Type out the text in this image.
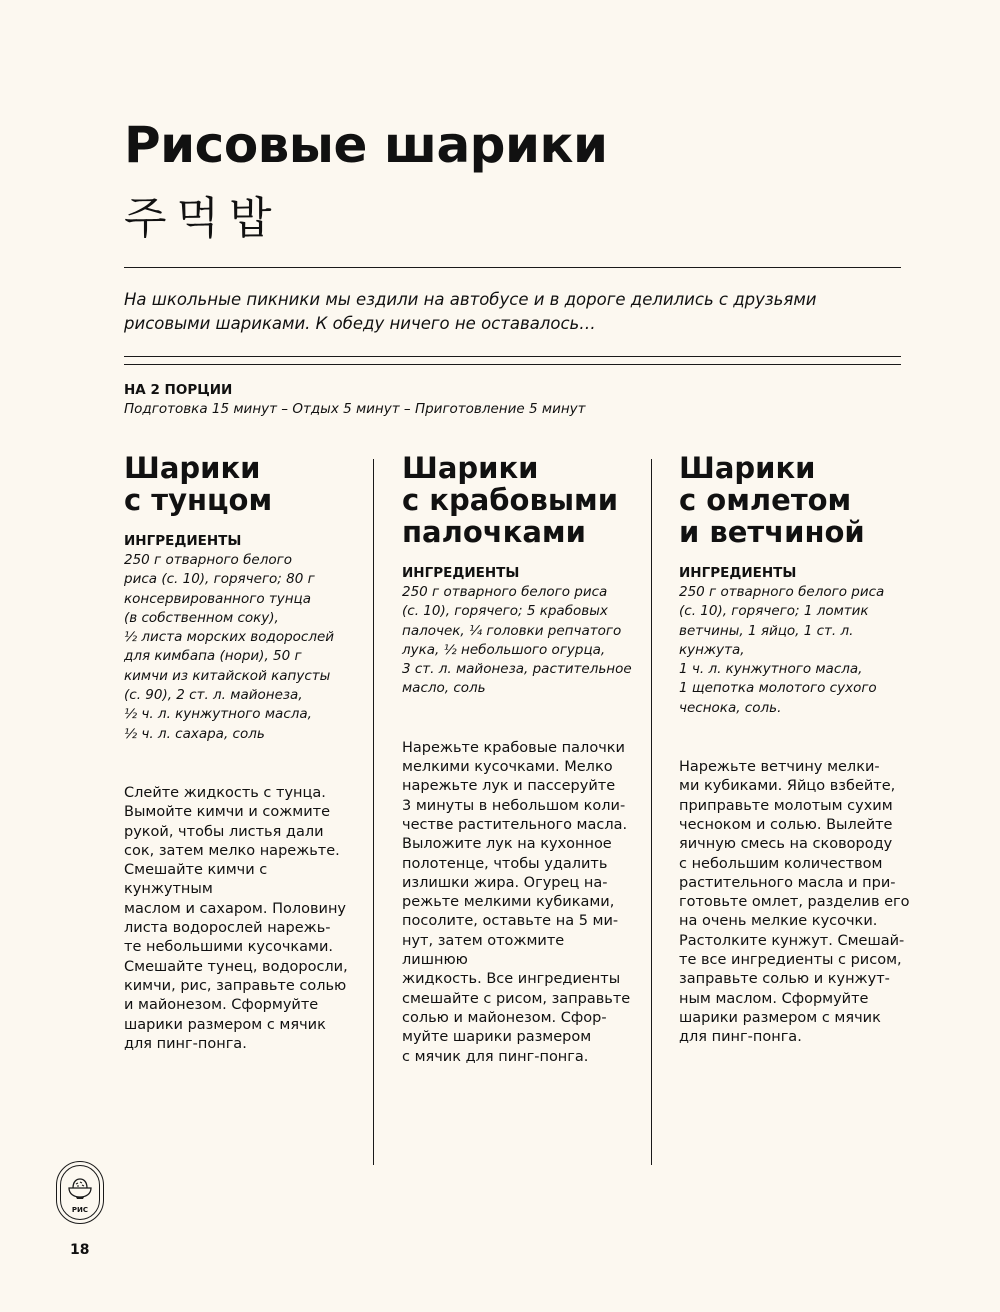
Рисовые шарики
주먹밥
На школьные пикники мы ездили на автобусе и в дороге делились с друзьями рисовыми шариками. К обеду ничего не оставалось…
НА 2 ПОРЦИИ
Подготовка 15 минут – Отдых 5 минут – Приготовление 5 минут
Шарики
с тунцом
ИНГРЕДИЕНТЫ
250 г отварного белого
риса (с. 10), горячего; 80 г
консервированного тунца
(в собственном соку),
½ листа морских водорослей
для кимбапа (нори), 50 г
кимчи из китайской капусты
(с. 90), 2 ст. л. майонеза,
½ ч. л. кунжутного масла,
½ ч. л. сахара, соль
Слейте жидкость с тунца.
Вымойте кимчи и сожмите
рукой, чтобы листья дали
сок, затем мелко нарежьте.
Смешайте кимчи с кунжутным
маслом и сахаром. Половину
листа водорослей нарежь-
те небольшими кусочками.
Смешайте тунец, водоросли,
кимчи, рис, заправьте солью
и майонезом. Сформуйте
шарики размером с мячик
для пинг-понга.
Шарики
с крабовыми
палочками
ИНГРЕДИЕНТЫ
250 г отварного белого риса
(с. 10), горячего; 5 крабовых
палочек, ¼ головки репчатого
лука, ½ небольшого огурца,
3 ст. л. майонеза, растительное
масло, соль
Нарежьте крабовые палочки
мелкими кусочками. Мелко
нарежьте лук и пассеруйте
3 минуты в небольшом коли-
честве растительного масла.
Выложите лук на кухонное
полотенце, чтобы удалить
излишки жира. Огурец на-
режьте мелкими кубиками,
посолите, оставьте на 5 ми-
нут, затем отожмите лишнюю
жидкость. Все ингредиенты
смешайте с рисом, заправьте
солью и майонезом. Сфор-
муйте шарики размером
с мячик для пинг-понга.
Шарики
с омлетом
и ветчиной
ИНГРЕДИЕНТЫ
250 г отварного белого риса
(с. 10), горячего; 1 ломтик
ветчины, 1 яйцо, 1 ст. л. кунжута,
1 ч. л. кунжутного масла,
1 щепотка молотого сухого
чеснока, соль.
Нарежьте ветчину мелки-
ми кубиками. Яйцо взбейте,
приправьте молотым сухим
чесноком и солью. Вылейте
яичную смесь на сковороду
с небольшим количеством
растительного масла и при-
готовьте омлет, разделив его
на очень мелкие кусочки.
Растолките кунжут. Смешай-
те все ингредиенты с рисом,
заправьте солью и кунжут-
ным маслом. Сформуйте
шарики размером с мячик
для пинг-понга.
РИС
18
